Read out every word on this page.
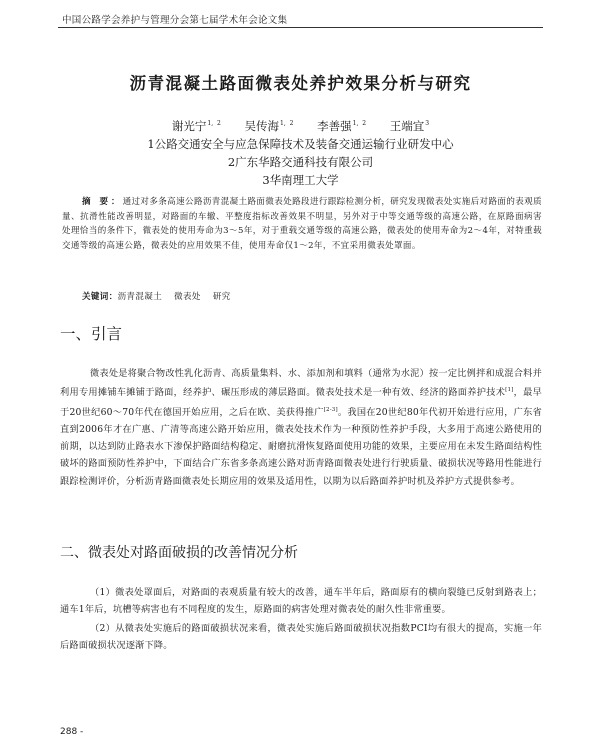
中国公路学会养护与管理分会第七届学术年会论文集
沥青混凝土路面微表处养护效果分析与研究
谢光宁$^{1, 2}$ 吴传海$^{1, 2}$ 李善强$^{1, 2}$ 王端宜$^3$
1公路交通安全与应急保障技术及装备交通运输行业研发中心
2广东华路交通科技有限公司
3华南理工大学
摘 要：通过对多条高速公路沥青混凝土路面微表处路段进行跟踪检测分析，研究发现微表处实施后对路面的表观质量、抗滑性能改善明显，对路面的车辙、平整度指标改善效果不明显，另外对于中等交通等级的高速公路，在原路面病害处理恰当的条件下，微表处的使用寿命为3～5年，对于重载交通等级的高速公路，微表处的使用寿命为2～4年，对特重载交通等级的高速公路，微表处的应用效果不佳，使用寿命仅1～2年，不宜采用微表处罩面。
关键词：沥青混凝土 微表处 研究
一、引言
微表处是将聚合物改性乳化沥青、高质量集料、水、添加剂和填料（通常为水泥）按一定比例拌和成混合料并利用专用摊铺车摊铺于路面，经养护、碾压形成的薄层路面。微表处技术是一种有效、经济的路面养护技术[1]，最早于20世纪60～70年代在德国开始应用，之后在欧、美获得推广[2-3]。我国在20世纪80年代初开始进行应用，广东省直到2006年才在广惠、广清等高速公路开始应用，微表处技术作为一种预防性养护手段，大多用于高速公路使用的前期，以达到防止路表水下渗保护路面结构稳定、耐磨抗滑恢复路面使用功能的效果，主要应用在未发生路面结构性破坏的路面预防性养护中，下面结合广东省多条高速公路对沥青路面微表处进行行驶质量、破损状况等路用性能进行跟踪检测评价，分析沥青路面微表处长期应用的效果及适用性，以期为以后路面养护时机及养护方式提供参考。
二、微表处对路面破损的改善情况分析
（1）微表处罩面后，对路面的表观质量有较大的改善，通车半年后，路面原有的横向裂缝已反射到路表上；通车1年后，坑槽等病害也有不同程度的发生，原路面的病害处理对微表处的耐久性非常重要。
（2）从微表处实施后的路面破损状况来看，微表处实施后路面破损状况指数PCI均有很大的提高，实施一年后路面破损状况逐渐下降。
288 -
